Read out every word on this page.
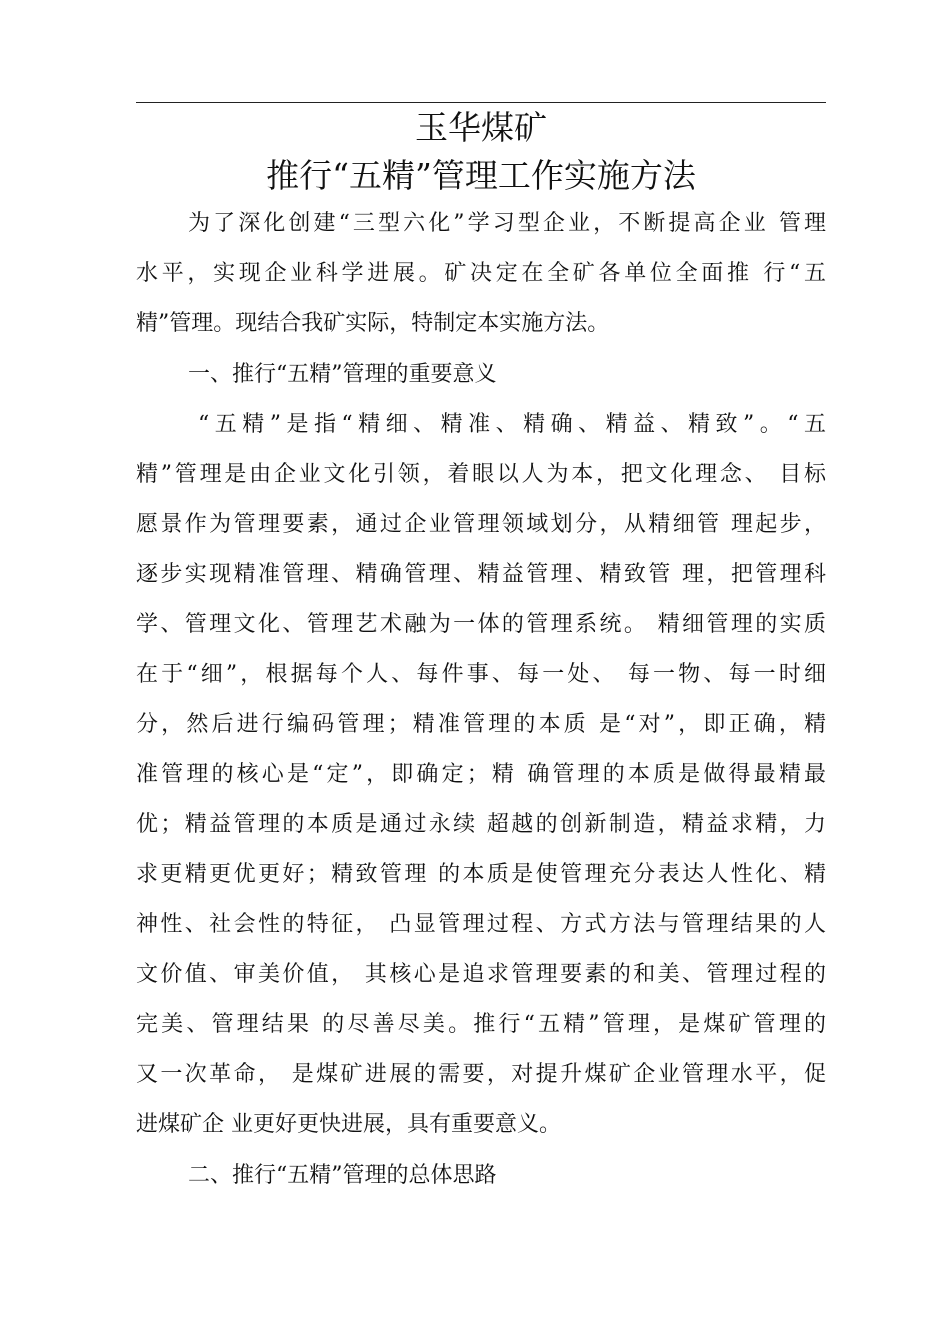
玉华煤矿
推行“五精”管理工作实施方法
为了深化创建“三型六化”学习型企业，不断提高企业 管理
水平，实现企业科学进展。矿决定在全矿各单位全面推 行“五
精”管理。现结合我矿实际，特制定本实施方法。
一、推行“五精”管理的重要意义
“五精”是指“精细、精准、精确、精益、精致”。“五
精”管理是由企业文化引领，着眼以人为本，把文化理念、 目标
愿景作为管理要素，通过企业管理领域划分，从精细管 理起步，
逐步实现精准管理、精确管理、精益管理、精致管 理，把管理科
学、管理文化、管理艺术融为一体的管理系统。 精细管理的实质
在于“细”，根据每个人、每件事、每一处、 每一物、每一时细
分，然后进行编码管理；精准管理的本质 是“对”，即正确，精
准管理的核心是“定”，即确定；精 确管理的本质是做得最精最
优；精益管理的本质是通过永续 超越的创新制造，精益求精，力
求更精更优更好；精致管理 的本质是使管理充分表达人性化、精
神性、社会性的特征， 凸显管理过程、方式方法与管理结果的人
文价值、审美价值， 其核心是追求管理要素的和美、管理过程的
完美、管理结果 的尽善尽美。推行“五精”管理，是煤矿管理的
又一次革命， 是煤矿进展的需要，对提升煤矿企业管理水平，促
进煤矿企 业更好更快进展，具有重要意义。
二、推行“五精”管理的总体思路
